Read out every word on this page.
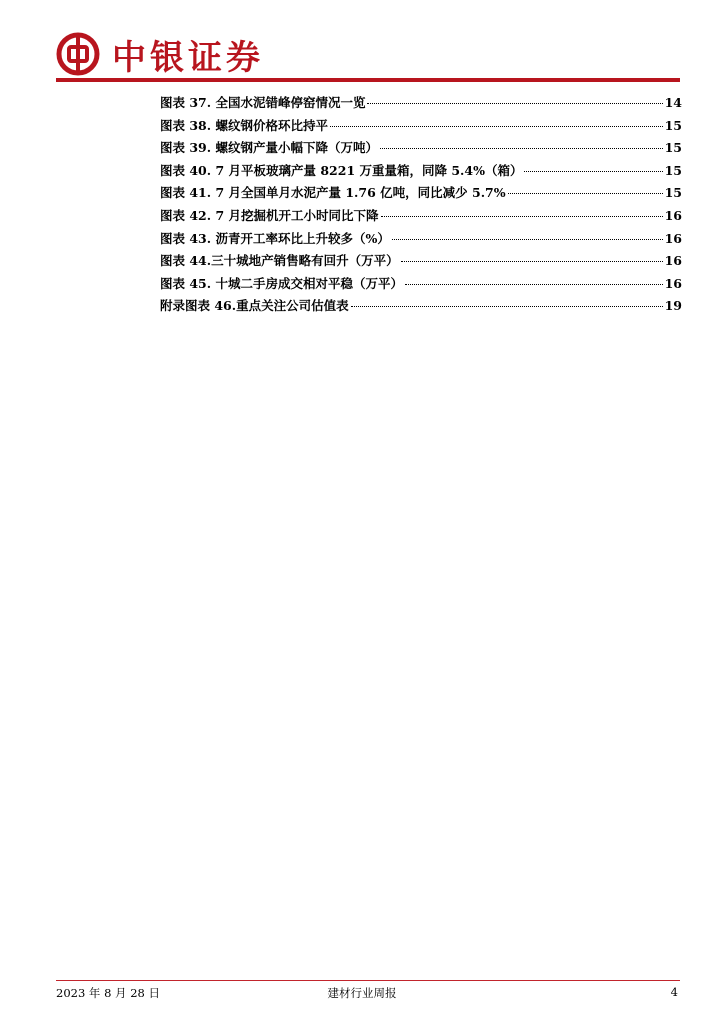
中银证券
图表 37. 全国水泥错峰停窑情况一览	14
图表 38. 螺纹钢价格环比持平	15
图表 39. 螺纹钢产量小幅下降（万吨）	15
图表 40. 7 月平板玻璃产量 8221 万重量箱，同降 5.4%（箱）	15
图表 41. 7 月全国单月水泥产量 1.76 亿吨，同比减少 5.7%	15
图表 42. 7 月挖掘机开工小时同比下降	16
图表 43. 沥青开工率环比上升较多（%）	16
图表 44.三十城地产销售略有回升（万平）	16
图表 45. 十城二手房成交相对平稳（万平）	16
附录图表 46.重点关注公司估值表	19
2023 年 8 月 28 日	建材行业周报	4
